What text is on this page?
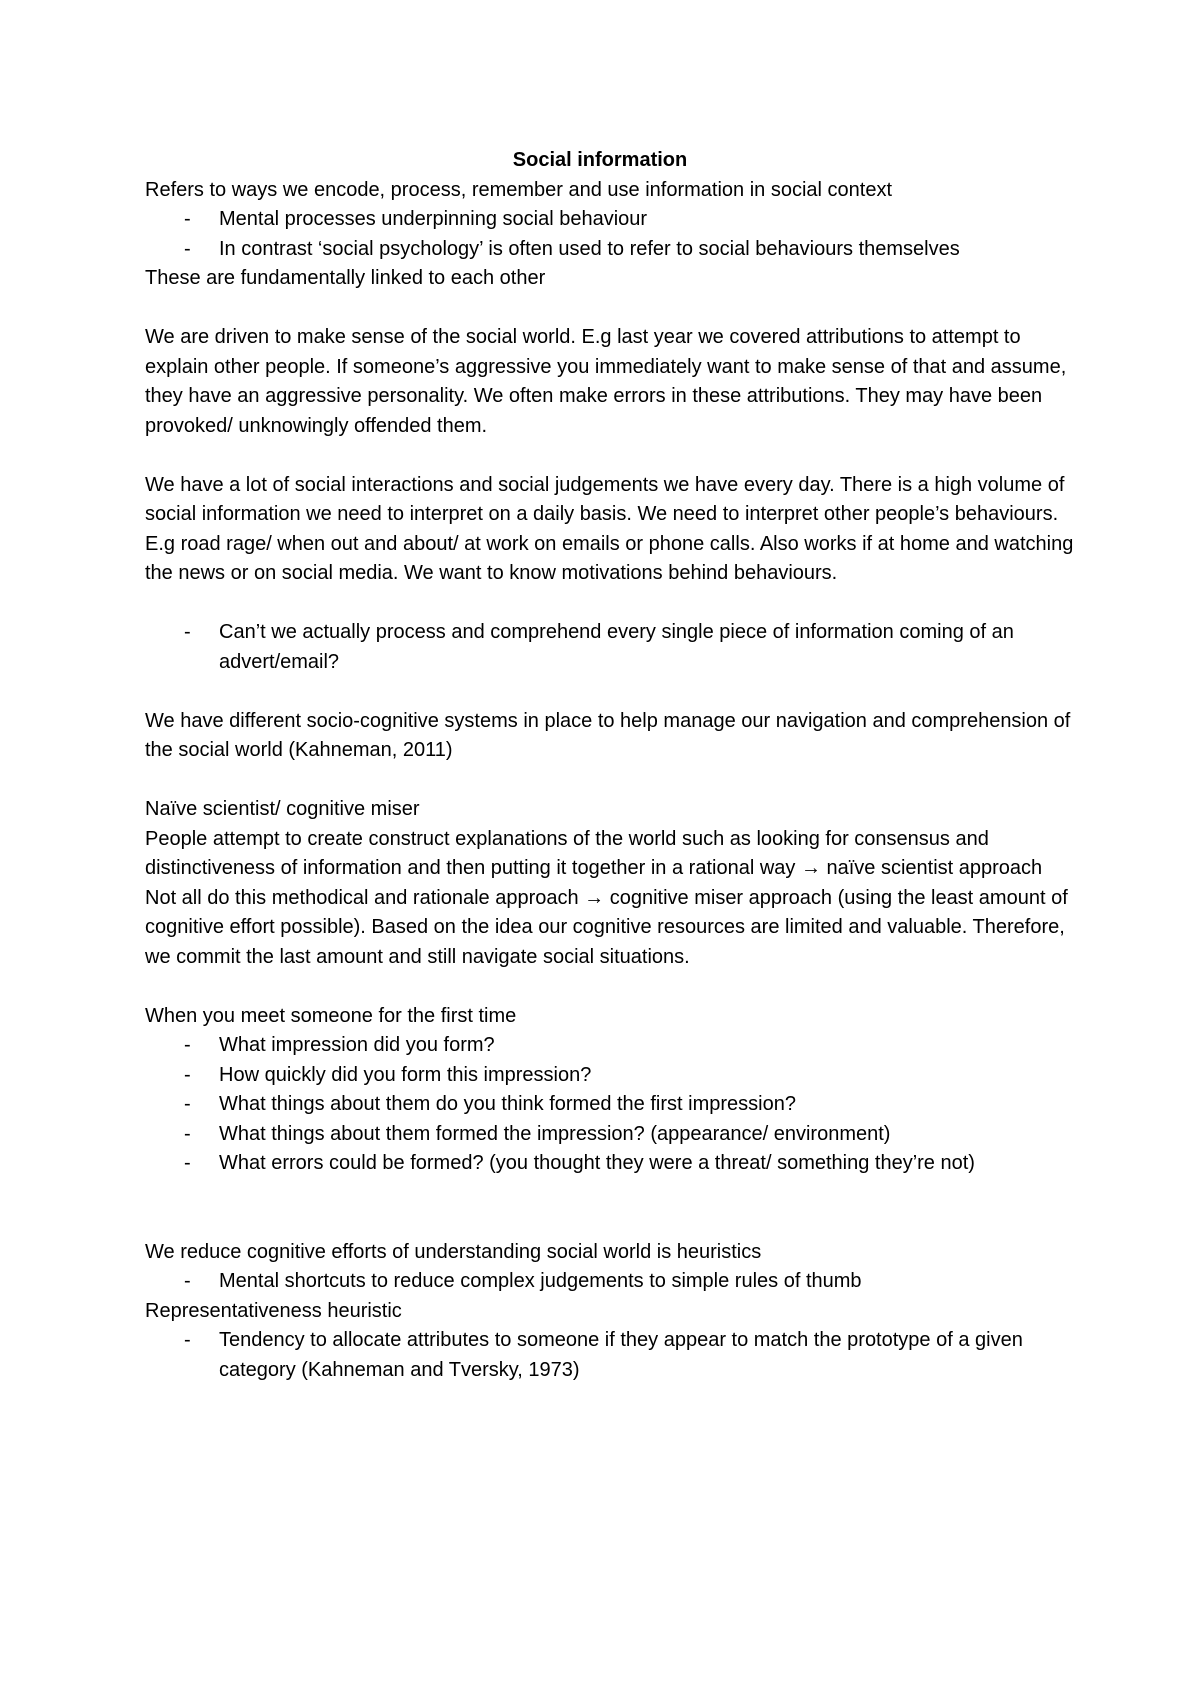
Social information

Refers to ways we encode, process, remember and use information in social context

- Mental processes underpinning social behaviour
- In contrast ‘social psychology’ is often used to refer to social behaviours themselves

These are fundamentally linked to each other

We are driven to make sense of the social world. E.g last year we covered attributions to attempt to explain other people. If someone’s aggressive you immediately want to make sense of that and assume, they have an aggressive personality. We often make errors in these attributions. They may have been provoked/ unknowingly offended them.

We have a lot of social interactions and social judgements we have every day. There is a high volume of social information we need to interpret on a daily basis. We need to interpret other people’s behaviours. E.g road rage/ when out and about/ at work on emails or phone calls. Also works if at home and watching the news or on social media. We want to know motivations behind behaviours.

- Can’t we actually process and comprehend every single piece of information coming of an advert/email?

We have different socio-cognitive systems in place to help manage our navigation and comprehension of the social world (Kahneman, 2011)

Naïve scientist/ cognitive miser

People attempt to create construct explanations of the world such as looking for consensus and distinctiveness of information and then putting it together in a rational way → naïve scientist approach

Not all do this methodical and rationale approach → cognitive miser approach (using the least amount of cognitive effort possible). Based on the idea our cognitive resources are limited and valuable. Therefore, we commit the last amount and still navigate social situations.

When you meet someone for the first time

- What impression did you form?
- How quickly did you form this impression?
- What things about them do you think formed the first impression?
- What things about them formed the impression? (appearance/ environment)
- What errors could be formed? (you thought they were a threat/ something they’re not)

We reduce cognitive efforts of understanding social world is heuristics

- Mental shortcuts to reduce complex judgements to simple rules of thumb

Representativeness heuristic

- Tendency to allocate attributes to someone if they appear to match the prototype of a given category (Kahneman and Tversky, 1973)
